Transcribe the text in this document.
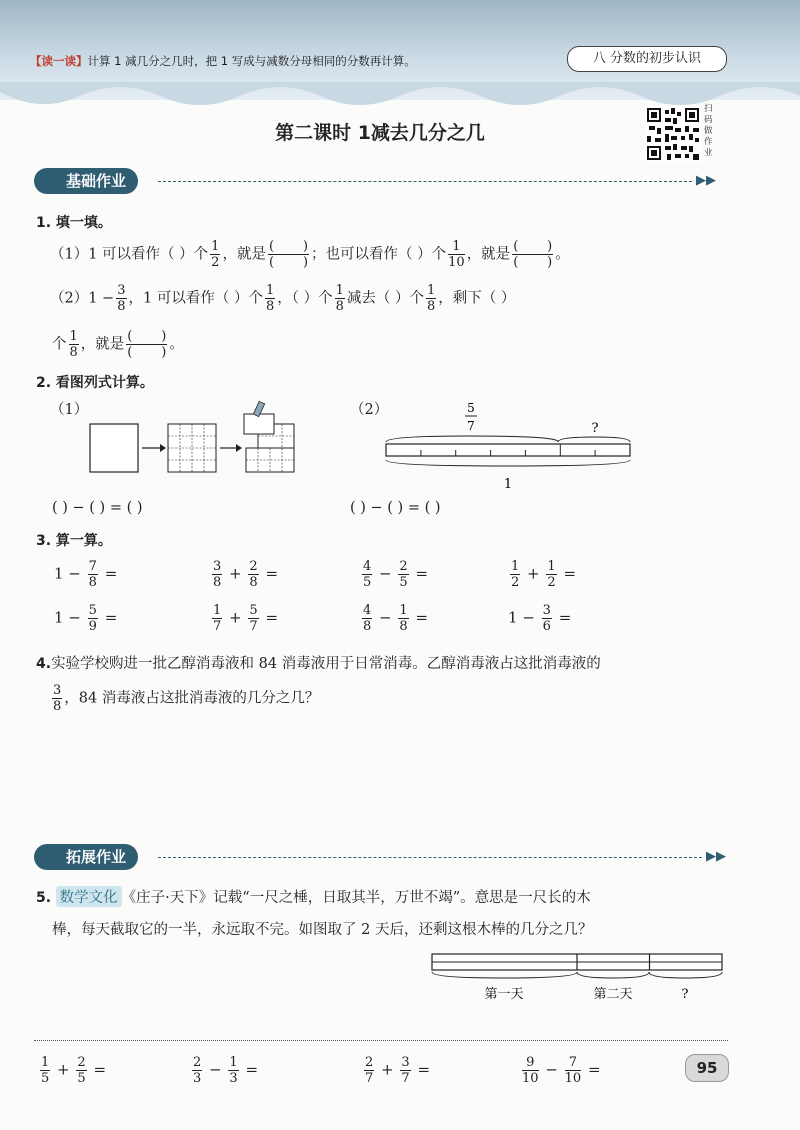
【读一读】计算 1 减几分之几时，把 1 写成与减数分母相同的分数再计算。	八 分数的初步认识
第二课时 1减去几分之几
扫码做作业
基础作业	▶▶
1. 填一填。
（1）1 可以看作（ ）个 $\frac{1}{2}$ ，就是 (       )
(       ) ；也可以看作（ ）个 $\frac{1}{10}$ ，就是 (       )
(       ) 。
$(2)1 - \frac{3}{8}$ ，1 可以看作（ ）个 $\frac{1}{8}$ ，（ ）个 $\frac{1}{8}$ 减去（ ）个 $\frac{1}{8}$ ，剩下（ ）
个 $\frac{1}{8}$ ，就是 (       )
(       ) 。
2. 看图列式计算。
（1）	（2）	5
7	?
1
( ) − ( ) = ( )	( ) − ( ) = ( )
3. 算一算。
$1 - \frac{7}{8}$ =	$\frac{3}{8} + \frac{2}{8}$ =	$\frac{4}{5} - \frac{2}{5}$ =	$\frac{1}{2} + \frac{1}{2}$ =
$1 - \frac{5}{9}$ =	$\frac{1}{7} + \frac{5}{7}$ =	$\frac{4}{8} - \frac{1}{8}$ =	$1 - \frac{3}{6}$ =
4.实验学校购进一批乙醇消毒液和 84 消毒液用于日常消毒。乙醇消毒液占这批消毒液的
$\frac{3}{8}$ ，84 消毒液占这批消毒液的几分之几？
拓展作业	▶▶
5. 数学文化 《庄子·天下》记载“一尺之棰，日取其半，万世不竭”。意思是一尺长的木
棒，每天截取它的一半，永远取不完。如图取了 2 天后，还剩这根木棒的几分之几？
第一天	第二天	?
$\frac{1}{5} + \frac{2}{5}$ =	$\frac{2}{3} - \frac{1}{3}$ =	$\frac{2}{7} + \frac{3}{7}$ =	$\frac{9}{10} - \frac{7}{10}$ =	95
